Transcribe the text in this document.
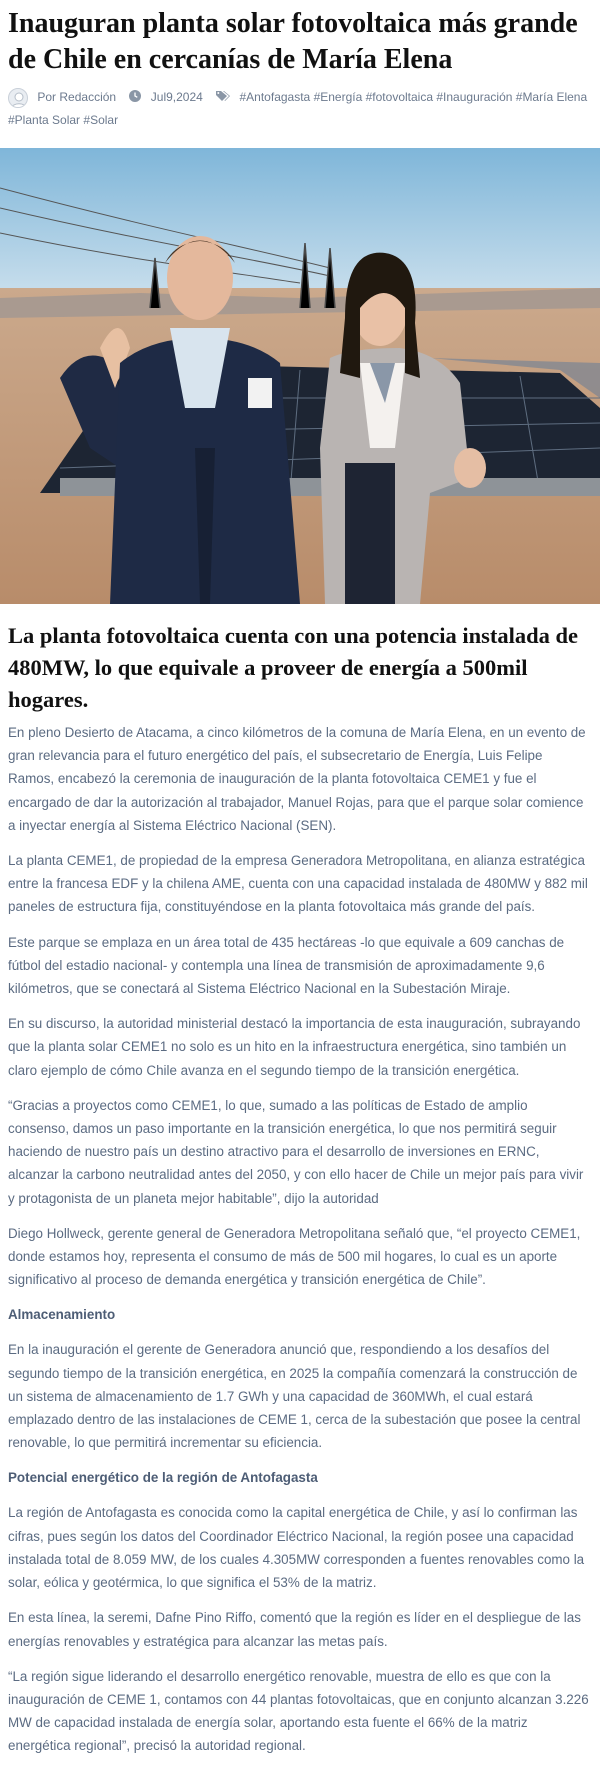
Inauguran planta solar fotovoltaica más grande de Chile en cercanías de María Elena
Por Redacción	Jul9,2024	#Antofagasta #Energía #fotovoltaica #Inauguración #María Elena #Planta Solar #Solar
La planta fotovoltaica cuenta con una potencia instalada de 480MW, lo que equivale a proveer de energía a 500mil hogares.

En pleno Desierto de Atacama, a cinco kilómetros de la comuna de María Elena, en un evento de gran relevancia para el futuro energético del país, el subsecretario de Energía, Luis Felipe Ramos, encabezó la ceremonia de inauguración de la planta fotovoltaica CEME1 y fue el encargado de dar la autorización al trabajador, Manuel Rojas, para que el parque solar comience a inyectar energía al Sistema Eléctrico Nacional (SEN).

La planta CEME1, de propiedad de la empresa Generadora Metropolitana, en alianza estratégica entre la francesa EDF y la chilena AME, cuenta con una capacidad instalada de 480MW y 882 mil paneles de estructura fija, constituyéndose en la planta fotovoltaica más grande del país.

Este parque se emplaza en un área total de 435 hectáreas -lo que equivale a 609 canchas de fútbol del estadio nacional- y contempla una línea de transmisión de aproximadamente 9,6 kilómetros, que se conectará al Sistema Eléctrico Nacional en la Subestación Miraje.

En su discurso, la autoridad ministerial destacó la importancia de esta inauguración, subrayando que la planta solar CEME1 no solo es un hito en la infraestructura energética, sino también un claro ejemplo de cómo Chile avanza en el segundo tiempo de la transición energética.

“Gracias a proyectos como CEME1, lo que, sumado a las políticas de Estado de amplio consenso, damos un paso importante en la transición energética, lo que nos permitirá seguir haciendo de nuestro país un destino atractivo para el desarrollo de inversiones en ERNC, alcanzar la carbono neutralidad antes del 2050, y con ello hacer de Chile un mejor país para vivir y protagonista de un planeta mejor habitable”, dijo la autoridad

Diego Hollweck, gerente general de Generadora Metropolitana señaló que, “el proyecto CEME1, donde estamos hoy, representa el consumo de más de 500 mil hogares, lo cual es un aporte significativo al proceso de demanda energética y transición energética de Chile”.

Almacenamiento

En la inauguración el gerente de Generadora anunció que, respondiendo a los desafíos del segundo tiempo de la transición energética, en 2025 la compañía comenzará la construcción de un sistema de almacenamiento de 1.7 GWh y una capacidad de 360MWh, el cual estará emplazado dentro de las instalaciones de CEME 1, cerca de la subestación que posee la central renovable, lo que permitirá incrementar su eficiencia.

Potencial energético de la región de Antofagasta

La región de Antofagasta es conocida como la capital energética de Chile, y así lo confirman las cifras, pues según los datos del Coordinador Eléctrico Nacional, la región posee una capacidad instalada total de 8.059 MW, de los cuales 4.305MW corresponden a fuentes renovables como la solar, eólica y geotérmica, lo que significa el 53% de la matriz.

En esta línea, la seremi, Dafne Pino Riffo, comentó que la región es líder en el despliegue de las energías renovables y estratégica para alcanzar las metas país.

“La región sigue liderando el desarrollo energético renovable, muestra de ello es que con la inauguración de CEME 1, contamos con 44 plantas fotovoltaicas, que en conjunto alcanzan 3.226 MW de capacidad instalada de energía solar, aportando esta fuente el 66% de la matriz energética regional”, precisó la autoridad regional.
